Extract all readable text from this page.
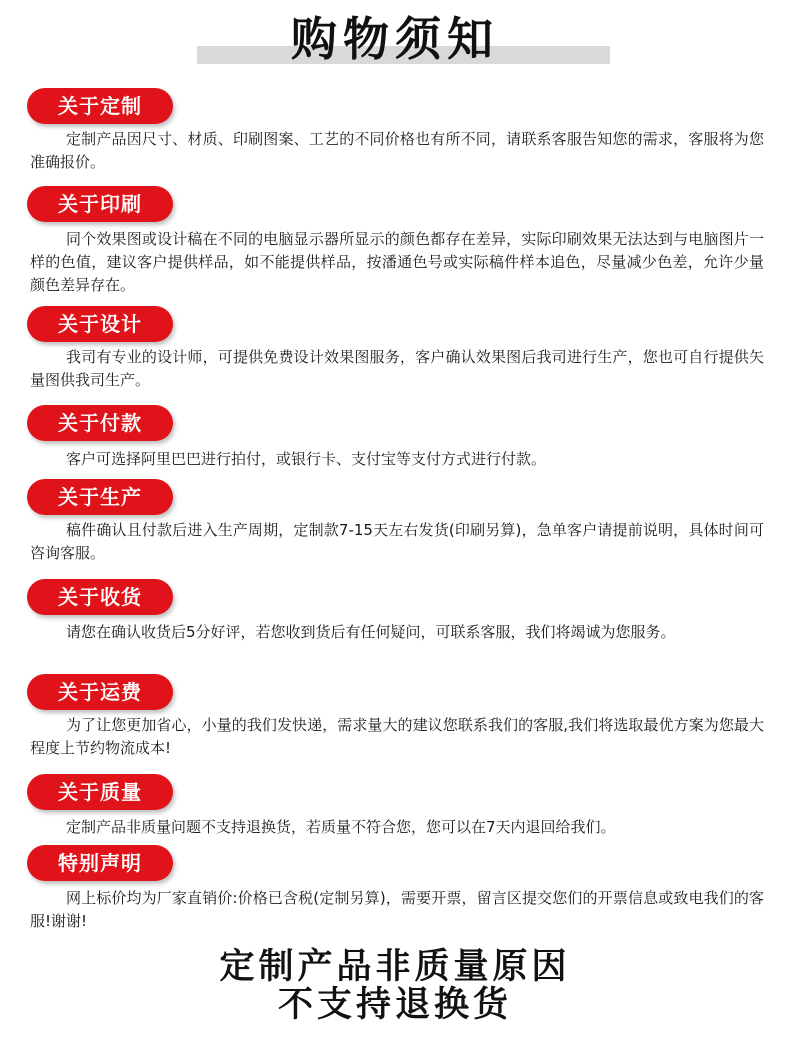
购物须知
关于定制
定制产品因尺寸、材质、印刷图案、工艺的不同价格也有所不同，请联系客服告知您的需求，客服将为您准确报价。
关于印刷
同个效果图或设计稿在不同的电脑显示器所显示的颜色都存在差异，实际印刷效果无法达到与电脑图片一样的色值，建议客户提供样品，如不能提供样品，按潘通色号或实际稿件样本追色，尽量减少色差，允许少量颜色差异存在。
关于设计
我司有专业的设计师，可提供免费设计效果图服务，客户确认效果图后我司进行生产，您也可自行提供矢量图供我司生产。
关于付款
客户可选择阿里巴巴进行拍付，或银行卡、支付宝等支付方式进行付款。
关于生产
稿件确认且付款后进入生产周期，定制款7-15天左右发货(印刷另算)，急单客户请提前说明，具体时间可咨询客服。
关于收货
请您在确认收货后5分好评，若您收到货后有任何疑问，可联系客服，我们将竭诚为您服务。
关于运费
为了让您更加省心，小量的我们发快递，需求量大的建议您联系我们的客服,我们将选取最优方案为您最大程度上节约物流成本!
关于质量
定制产品非质量问题不支持退换货，若质量不符合您，您可以在7天内退回给我们。
特别声明
网上标价均为厂家直销价:价格已含税(定制另算)，需要开票，留言区提交您们的开票信息或致电我们的客服!谢谢!
定制产品非质量原因
不支持退换货
